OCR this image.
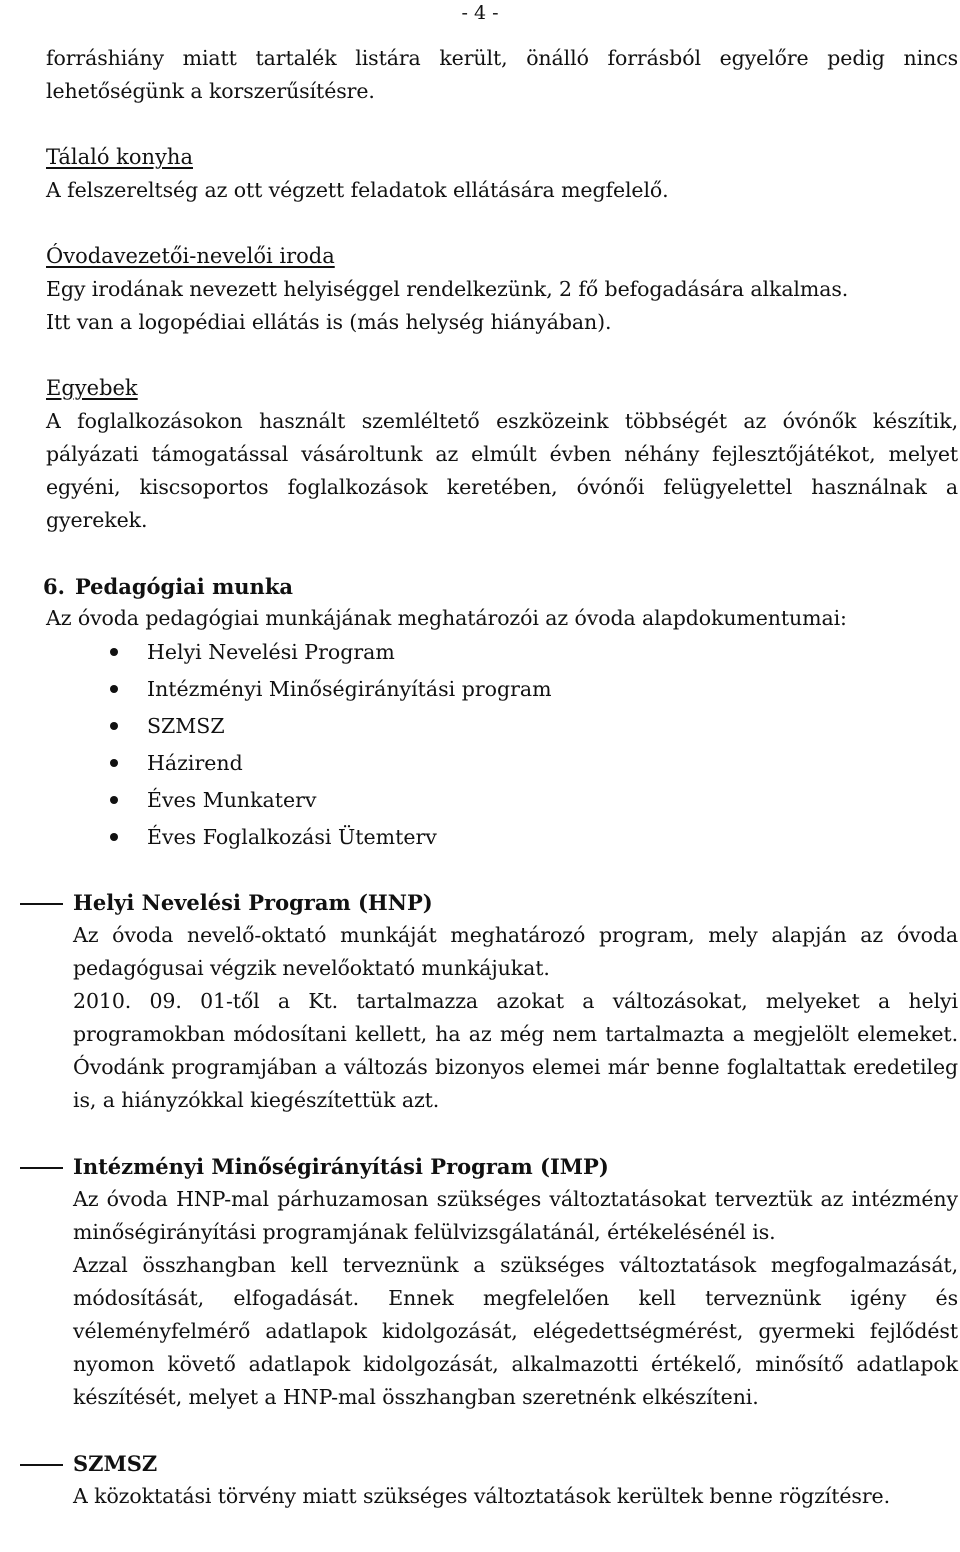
- 4 -

forráshiány miatt tartalék listára került, önálló forrásból egyelőre pedig nincs lehetőségünk a korszerűsítésre.

Tálaló konyha

A felszereltség az ott végzett feladatok ellátására megfelelő.

Óvodavezetői-nevelői iroda

Egy irodának nevezett helyiséggel rendelkezünk, 2 fő befogadására alkalmas.

Itt van a logopédiai ellátás is (más helység hiányában).

Egyebek

A foglalkozásokon használt szemléltető eszközeink többségét az óvónők készítik, pályázati támogatással vásároltunk az elmúlt évben néhány fejlesztőjátékot, melyet egyéni, kiscsoportos foglalkozások keretében, óvónői felügyelettel használnak a gyerekek.

6. Pedagógiai munka

Az óvoda pedagógiai munkájának meghatározói az óvoda alapdokumentumai:

Helyi Nevelési Program
Intézményi Minőségirányítási program
SZMSZ
Házirend
Éves Munkaterv
Éves Foglalkozási Ütemterv

Helyi Nevelési Program (HNP)

Az óvoda nevelő-oktató munkáját meghatározó program, mely alapján az óvoda pedagógusai végzik nevelőoktató munkájukat.

2010. 09. 01-től a Kt. tartalmazza azokat a változásokat, melyeket a helyi programokban módosítani kellett, ha az még nem tartalmazta a megjelölt elemeket. Óvodánk programjában a változás bizonyos elemei már benne foglaltattak eredetileg is, a hiányzókkal kiegészítettük azt.

Intézményi Minőségirányítási Program (IMP)

Az óvoda HNP-mal párhuzamosan szükséges változtatásokat terveztük az intézmény minőségirányítási programjának felülvizsgálatánál, értékelésénél is.

Azzal összhangban kell terveznünk a szükséges változtatások megfogalmazását, módosítását, elfogadását. Ennek megfelelően kell terveznünk igény és véleményfelmérő adatlapok kidolgozását, elégedettségmérést, gyermeki fejlődést nyomon követő adatlapok kidolgozását, alkalmazotti értékelő, minősítő adatlapok készítését, melyet a HNP-mal összhangban szeretnénk elkészíteni.

SZMSZ

A közoktatási törvény miatt szükséges változtatások kerültek benne rögzítésre.
